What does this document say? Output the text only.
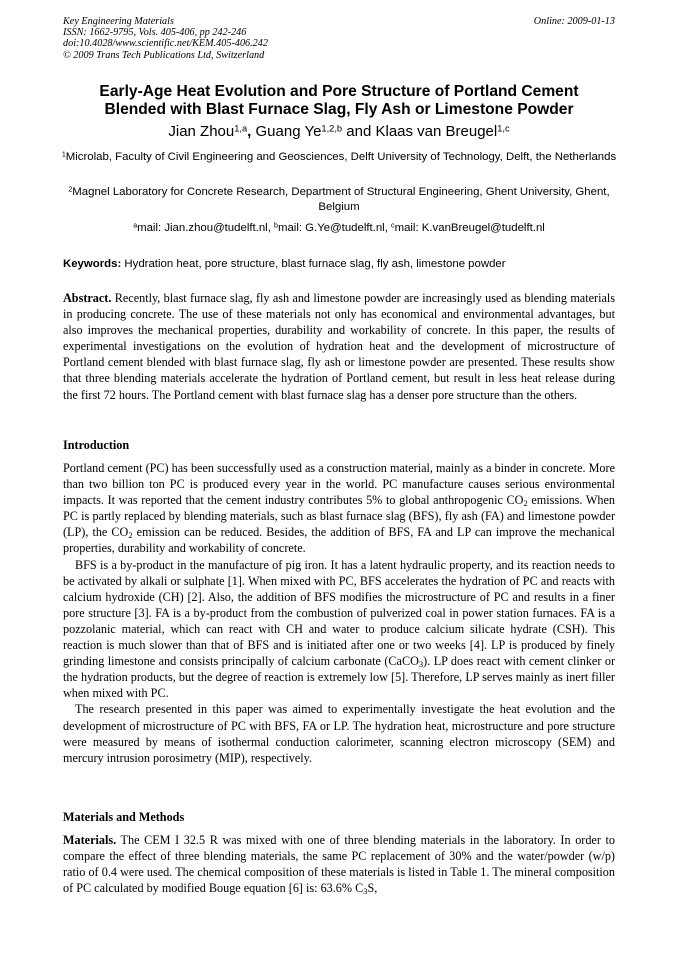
Key Engineering Materials
ISSN: 1662-9795, Vols. 405-406, pp 242-246
doi:10.4028/www.scientific.net/KEM.405-406.242
© 2009 Trans Tech Publications Ltd, Switzerland
Online: 2009-01-13
Early-Age Heat Evolution and Pore Structure of Portland Cement
Blended with Blast Furnace Slag, Fly Ash or Limestone Powder
Jian Zhou$^{1,a}$, Guang Ye$^{1,2,b}$ and Klaas van Breugel$^{1,c}$
$^1$Microlab, Faculty of Civil Engineering and Geosciences, Delft University of Technology, Delft, the Netherlands
$^2$Magnel Laboratory for Concrete Research, Department of Structural Engineering, Ghent University, Ghent, Belgium
$^a$mail: Jian.zhou@tudelft.nl, $^b$mail: G.Ye@tudelft.nl, $^c$mail: K.vanBreugel@tudelft.nl
Keywords: Hydration heat, pore structure, blast furnace slag, fly ash, limestone powder
Abstract. Recently, blast furnace slag, fly ash and limestone powder are increasingly used as blending materials in producing concrete. The use of these materials not only has economical and environmental advantages, but also improves the mechanical properties, durability and workability of concrete. In this paper, the results of experimental investigations on the evolution of hydration heat and the development of microstructure of Portland cement blended with blast furnace slag, fly ash or limestone powder are presented. These results show that three blending materials accelerate the hydration of Portland cement, but result in less heat release during the first 72 hours. The Portland cement with blast furnace slag has a denser pore structure than the others.
Introduction

Portland cement (PC) has been successfully used as a construction material, mainly as a binder in concrete. More than two billion ton PC is produced every year in the world. PC manufacture causes serious environmental impacts. It was reported that the cement industry contributes 5% to global anthropogenic $CO_2$ emissions. When PC is partly replaced by blending materials, such as blast furnace slag (BFS), fly ash (FA) and limestone powder (LP), the $CO_2$ emission can be reduced. Besides, the addition of BFS, FA and LP can improve the mechanical properties, durability and workability of concrete.

BFS is a by-product in the manufacture of pig iron. It has a latent hydraulic property, and its reaction needs to be activated by alkali or sulphate [1]. When mixed with PC, BFS accelerates the hydration of PC and reacts with calcium hydroxide (CH) [2]. Also, the addition of BFS modifies the microstructure of PC and results in a finer pore structure [3]. FA is a by-product from the combustion of pulverized coal in power station furnaces. FA is a pozzolanic material, which can react with CH and water to produce calcium silicate hydrate (CSH). This reaction is much slower than that of BFS and is initiated after one or two weeks [4]. LP is produced by finely grinding limestone and consists principally of calcium carbonate (CaCO$_3$). LP does react with cement clinker or the hydration products, but the degree of reaction is extremely low [5]. Therefore, LP serves mainly as inert filler when mixed with PC.

The research presented in this paper was aimed to experimentally investigate the heat evolution and the development of microstructure of PC with BFS, FA or LP. The hydration heat, microstructure and pore structure were measured by means of isothermal conduction calorimeter, scanning electron microscopy (SEM) and mercury intrusion porosimetry (MIP), respectively.

Materials and Methods
Materials. The CEM I 32.5 R was mixed with one of three blending materials in the laboratory. In order to compare the effect of three blending materials, the same PC replacement of 30% and the water/powder (w/p) ratio of 0.4 were used. The chemical composition of these materials is listed in Table 1. The mineral composition of PC calculated by modified Bouge equation [6] is: 63.6% $C_3S$,
